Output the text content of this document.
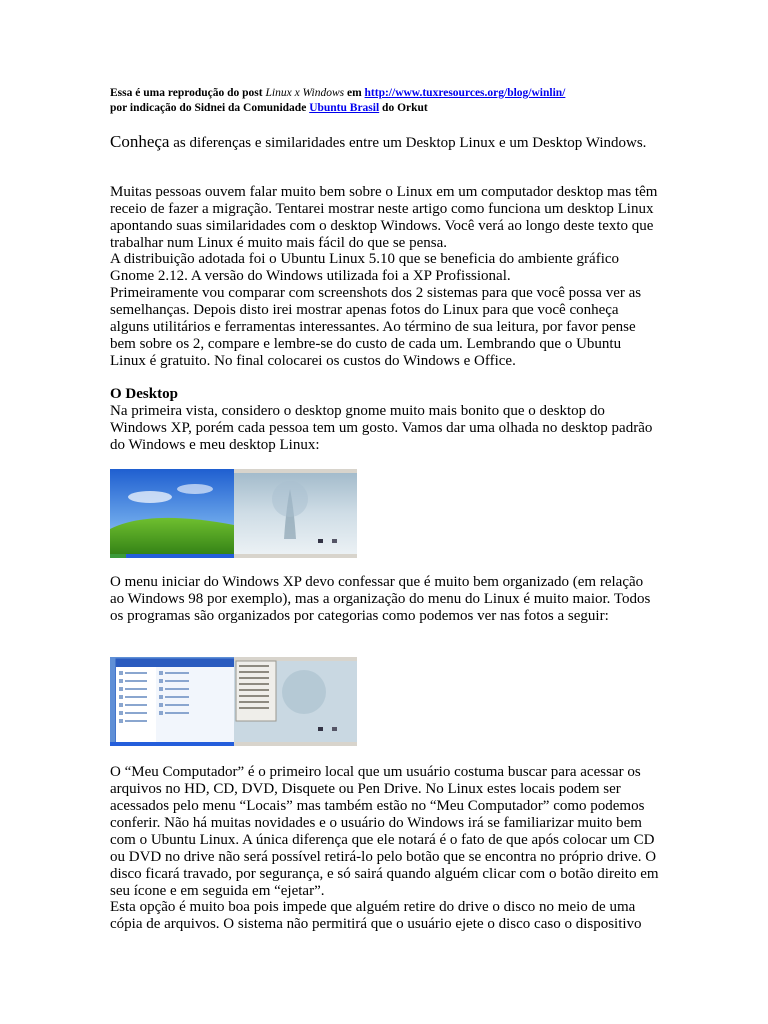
Essa é uma reprodução do post Linux x Windows em http://www.tuxresources.org/blog/winlin/
por indicação do Sidnei da Comunidade Ubuntu Brasil do Orkut
Conheça as diferenças e similaridades entre um Desktop Linux e um Desktop Windows.
Muitas pessoas ouvem falar muito bem sobre o Linux em um computador desktop mas têm receio de fazer a migração. Tentarei mostrar neste artigo como funciona um desktop Linux apontando suas similaridades com o desktop Windows. Você verá ao longo deste texto que trabalhar num Linux é muito mais fácil do que se pensa.
A distribuição adotada foi o Ubuntu Linux 5.10 que se beneficia do ambiente gráfico Gnome 2.12. A versão do Windows utilizada foi a XP Profissional.
Primeiramente vou comparar com screenshots dos 2 sistemas para que você possa ver as semelhanças. Depois disto irei mostrar apenas fotos do Linux para que você conheça alguns utilitários e ferramentas interessantes. Ao término de sua leitura, por favor pense bem sobre os 2, compare e lembre-se do custo de cada um. Lembrando que o Ubuntu Linux é gratuito. No final colocarei os custos do Windows e Office.
O Desktop
Na primeira vista, considero o desktop gnome muito mais bonito que o desktop do Windows XP, porém cada pessoa tem um gosto. Vamos dar uma olhada no desktop padrão do Windows e meu desktop Linux:
O menu iniciar do Windows XP devo confessar que é muito bem organizado (em relação ao Windows 98 por exemplo), mas a organização do menu do Linux é muito maior. Todos os programas são organizados por categorias como podemos ver nas fotos a seguir:
O “Meu Computador” é o primeiro local que um usuário costuma buscar para acessar os arquivos no HD, CD, DVD, Disquete ou Pen Drive. No Linux estes locais podem ser acessados pelo menu “Locais” mas também estão no “Meu Computador” como podemos conferir. Não há muitas novidades e o usuário do Windows irá se familiarizar muito bem com o Ubuntu Linux. A única diferença que ele notará é o fato de que após colocar um CD ou DVD no drive não será possível retirá-lo pelo botão que se encontra no próprio drive. O disco ficará travado, por segurança, e só sairá quando alguém clicar com o botão direito em seu ícone e em seguida em “ejetar”.
Esta opção é muito boa pois impede que alguém retire do drive o disco no meio de uma cópia de arquivos. O sistema não permitirá que o usuário ejete o disco caso o dispositivo
